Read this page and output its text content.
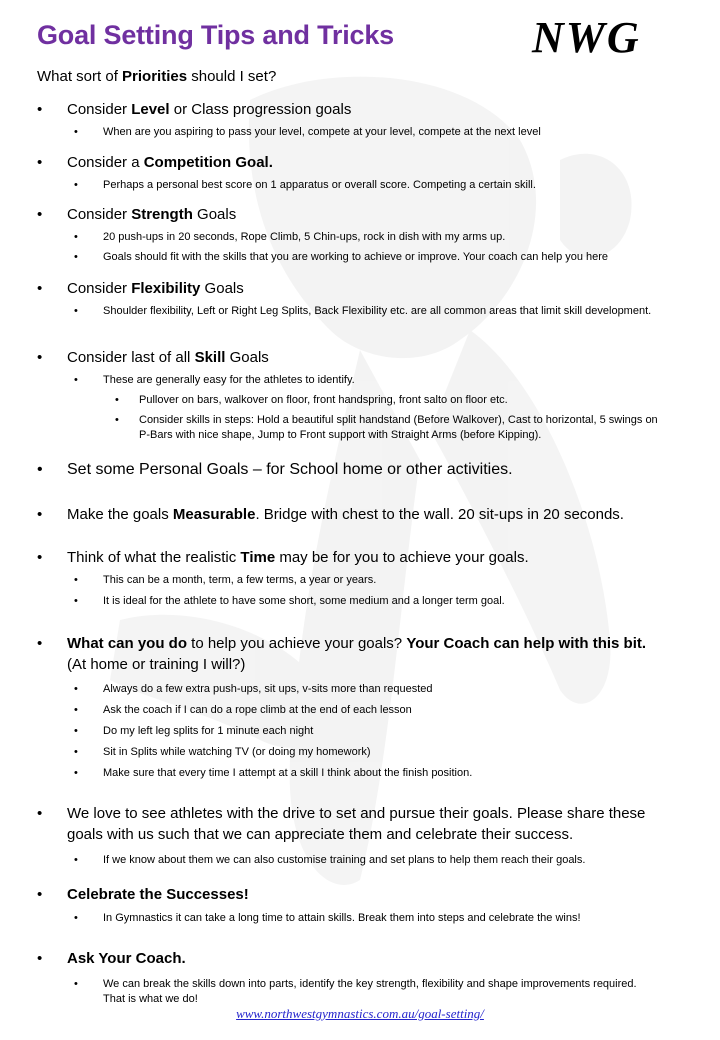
Goal Setting Tips and Tricks	NWG
What sort of Priorities should I set?
• Consider Level or Class progression goals
• When are you aspiring to pass your level, compete at your level, compete at the next level
• Consider a Competition Goal.
• Perhaps a personal best score on 1 apparatus or overall score. Competing a certain skill.
• Consider Strength Goals
• 20 push-ups in 20 seconds, Rope Climb, 5 Chin-ups, rock in dish with my arms up.
• Goals should fit with the skills that you are working to achieve or improve. Your coach can help you here
• Consider Flexibility Goals
• Shoulder flexibility, Left or Right Leg Splits, Back Flexibility etc. are all common areas that limit skill development.
• Consider last of all Skill Goals
• These are generally easy for the athletes to identify.
• Pullover on bars, walkover on floor, front handspring, front salto on floor etc.
• Consider skills in steps: Hold a beautiful split handstand (Before Walkover), Cast to horizontal, 5 swings on P-Bars with nice shape, Jump to Front support with Straight Arms (before Kipping).
• Set some Personal Goals – for School home or other activities.
• Make the goals Measurable. Bridge with chest to the wall. 20 sit-ups in 20 seconds.
• Think of what the realistic Time may be for you to achieve your goals.
• This can be a month, term, a few terms, a year or years.
• It is ideal for the athlete to have some short, some medium and a longer term goal.
• What can you do to help you achieve your goals? Your Coach can help with this bit.
(At home or training I will?)
• Always do a few extra push-ups, sit ups, v-sits more than requested
• Ask the coach if I can do a rope climb at the end of each lesson
• Do my left leg splits for 1 minute each night
• Sit in Splits while watching TV (or doing my homework)
• Make sure that every time I attempt at a skill I think about the finish position.
• We love to see athletes with the drive to set and pursue their goals. Please share these goals with us such that we can appreciate them and celebrate their success.
• If we know about them we can also customise training and set plans to help them reach their goals.
• Celebrate the Successes!
• In Gymnastics it can take a long time to attain skills. Break them into steps and celebrate the wins!
• Ask Your Coach.
• We can break the skills down into parts, identify the key strength, flexibility and shape improvements required. That is what we do!
www.northwestgymnastics.com.au/goal-setting/
